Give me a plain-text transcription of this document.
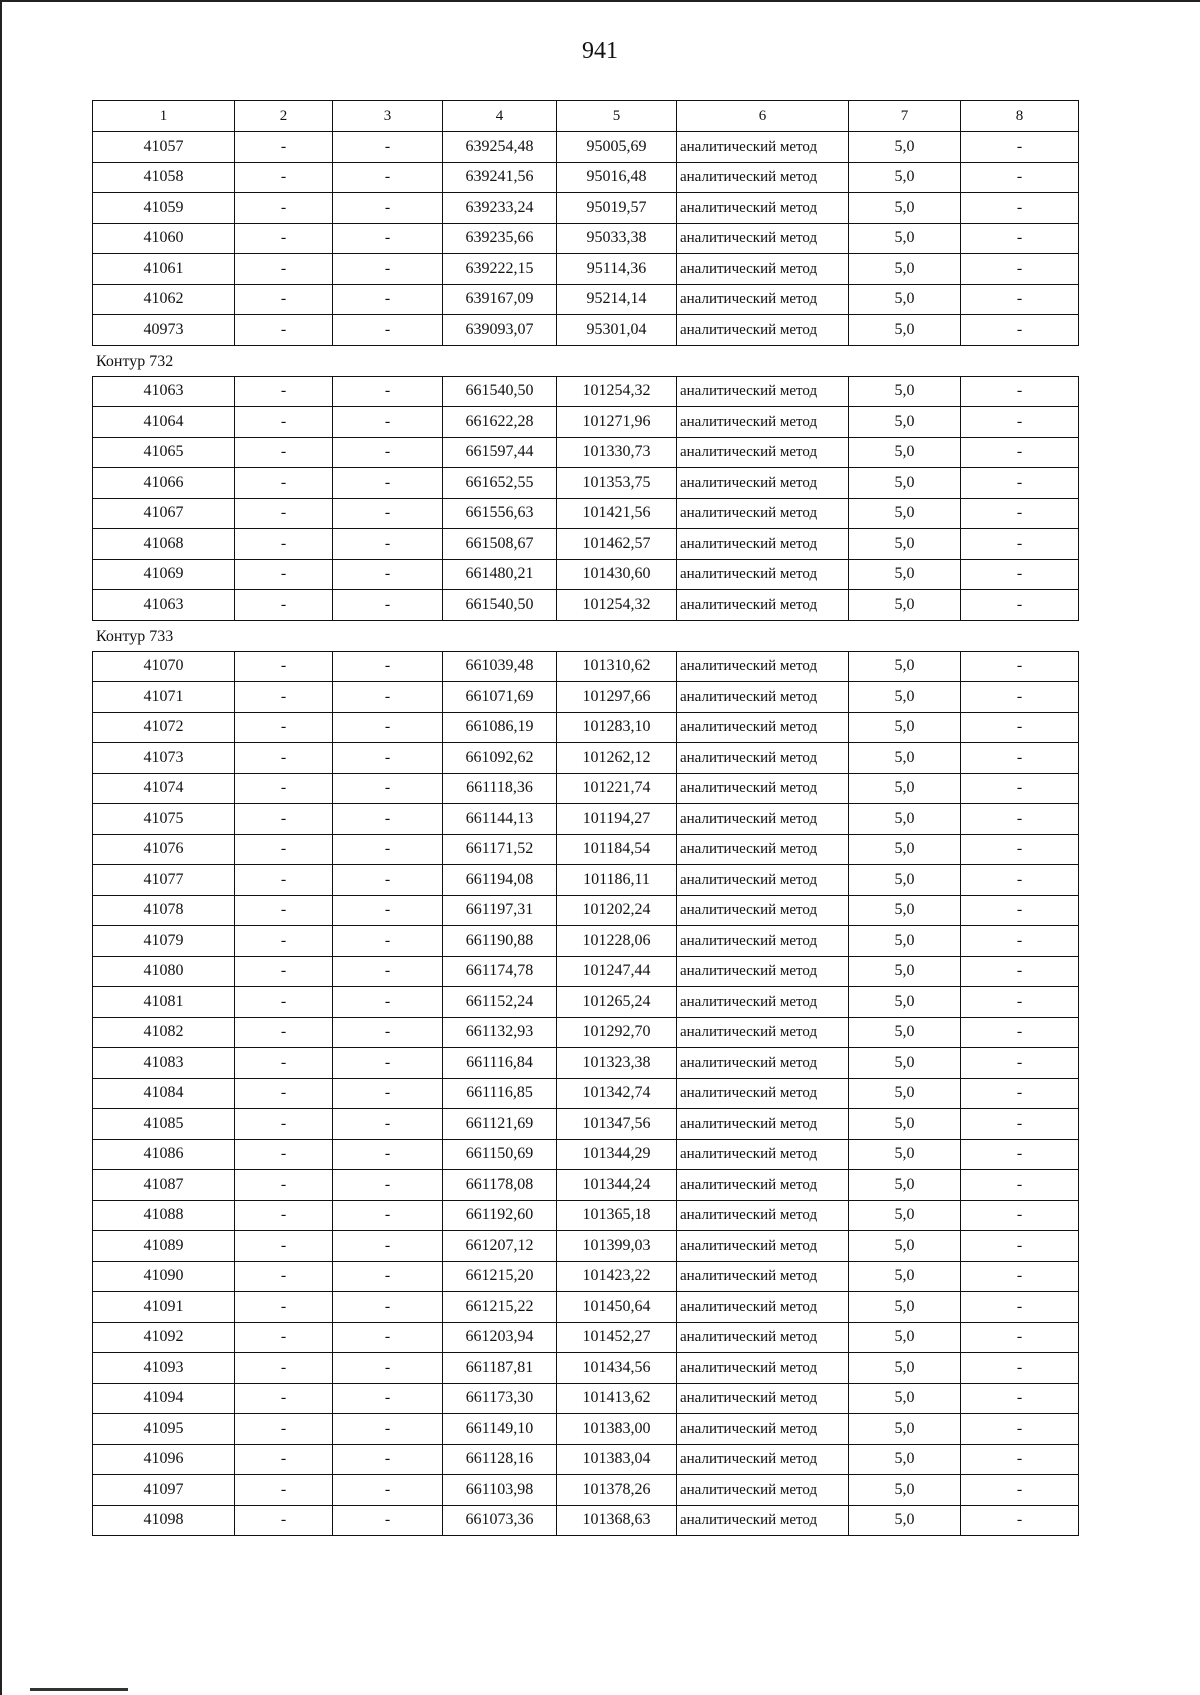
941
1	2	3	4	5	6	7	8
41057	-	-	639254,48	95005,69	аналитический метод	5,0	-
41058	-	-	639241,56	95016,48	аналитический метод	5,0	-
41059	-	-	639233,24	95019,57	аналитический метод	5,0	-
41060	-	-	639235,66	95033,38	аналитический метод	5,0	-
41061	-	-	639222,15	95114,36	аналитический метод	5,0	-
41062	-	-	639167,09	95214,14	аналитический метод	5,0	-
40973	-	-	639093,07	95301,04	аналитический метод	5,0	-
Контур 732
41063	-	-	661540,50	101254,32	аналитический метод	5,0	-
41064	-	-	661622,28	101271,96	аналитический метод	5,0	-
41065	-	-	661597,44	101330,73	аналитический метод	5,0	-
41066	-	-	661652,55	101353,75	аналитический метод	5,0	-
41067	-	-	661556,63	101421,56	аналитический метод	5,0	-
41068	-	-	661508,67	101462,57	аналитический метод	5,0	-
41069	-	-	661480,21	101430,60	аналитический метод	5,0	-
41063	-	-	661540,50	101254,32	аналитический метод	5,0	-
Контур 733
41070	-	-	661039,48	101310,62	аналитический метод	5,0	-
41071	-	-	661071,69	101297,66	аналитический метод	5,0	-
41072	-	-	661086,19	101283,10	аналитический метод	5,0	-
41073	-	-	661092,62	101262,12	аналитический метод	5,0	-
41074	-	-	661118,36	101221,74	аналитический метод	5,0	-
41075	-	-	661144,13	101194,27	аналитический метод	5,0	-
41076	-	-	661171,52	101184,54	аналитический метод	5,0	-
41077	-	-	661194,08	101186,11	аналитический метод	5,0	-
41078	-	-	661197,31	101202,24	аналитический метод	5,0	-
41079	-	-	661190,88	101228,06	аналитический метод	5,0	-
41080	-	-	661174,78	101247,44	аналитический метод	5,0	-
41081	-	-	661152,24	101265,24	аналитический метод	5,0	-
41082	-	-	661132,93	101292,70	аналитический метод	5,0	-
41083	-	-	661116,84	101323,38	аналитический метод	5,0	-
41084	-	-	661116,85	101342,74	аналитический метод	5,0	-
41085	-	-	661121,69	101347,56	аналитический метод	5,0	-
41086	-	-	661150,69	101344,29	аналитический метод	5,0	-
41087	-	-	661178,08	101344,24	аналитический метод	5,0	-
41088	-	-	661192,60	101365,18	аналитический метод	5,0	-
41089	-	-	661207,12	101399,03	аналитический метод	5,0	-
41090	-	-	661215,20	101423,22	аналитический метод	5,0	-
41091	-	-	661215,22	101450,64	аналитический метод	5,0	-
41092	-	-	661203,94	101452,27	аналитический метод	5,0	-
41093	-	-	661187,81	101434,56	аналитический метод	5,0	-
41094	-	-	661173,30	101413,62	аналитический метод	5,0	-
41095	-	-	661149,10	101383,00	аналитический метод	5,0	-
41096	-	-	661128,16	101383,04	аналитический метод	5,0	-
41097	-	-	661103,98	101378,26	аналитический метод	5,0	-
41098	-	-	661073,36	101368,63	аналитический метод	5,0	-
